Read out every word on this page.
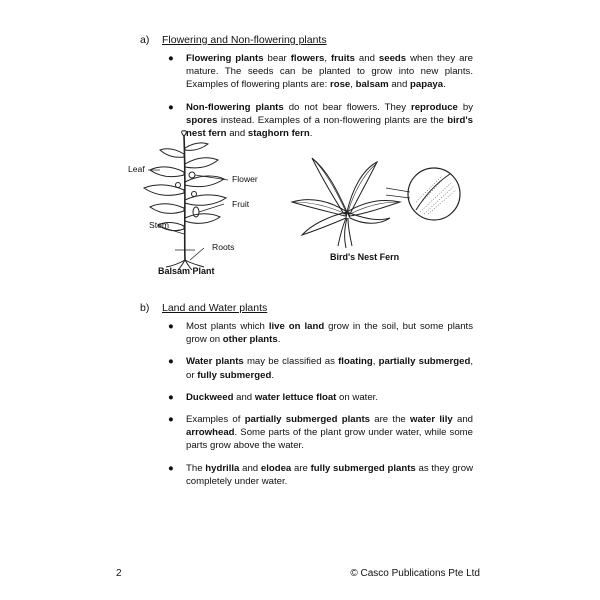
a) Flowering and Non-flowering plants
● Flowering plants bear flowers, fruits and seeds when they are mature. The seeds can be planted to grow into new plants. Examples of flowering plants are: rose, balsam and papaya.
● Non-flowering plants do not bear flowers. They reproduce by spores instead. Examples of a non-flowering plants are the bird's nest fern and staghorn fern.
Leaf
Flower
Fruit
Stem
Roots
Balsam Plant
Bird's Nest Fern
b) Land and Water plants
● Most plants which live on land grow in the soil, but some plants grow on other plants.
● Water plants may be classified as floating, partially submerged, or fully submerged.
● Duckweed and water lettuce float on water.
● Examples of partially submerged plants are the water lily and arrowhead. Some parts of the plant grow under water, while some parts grow above the water.
● The hydrilla and elodea are fully submerged plants as they grow completely under water.
2	© Casco Publications Pte Ltd
